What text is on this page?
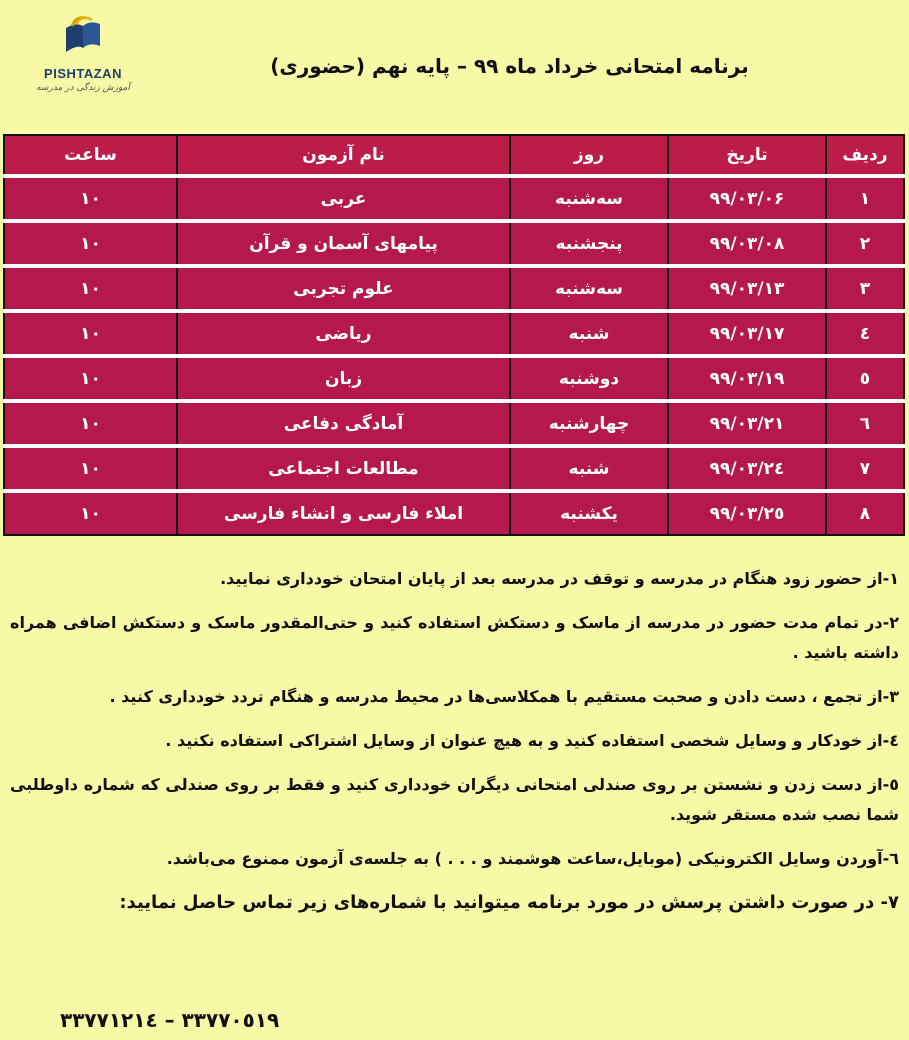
PISHTAZAN
آموزش زندگی در مدرسه
برنامه امتحانی خرداد ماه ۹۹ – پایه نهم (حضوری)
ردیف	تاریخ	روز	نام آزمون	ساعت
۱	۹۹/۰۳/۰۶	سه‌شنبه	عربی	۱۰
۲	۹۹/۰۳/۰۸	پنجشنبه	پیامهای آسمان و قرآن	۱۰
۳	۹۹/۰۳/۱۳	سه‌شنبه	علوم تجربی	۱۰
٤	۹۹/۰۳/۱۷	شنبه	ریاضی	۱۰
٥	۹۹/۰۳/۱۹	دوشنبه	زبان	۱۰
٦	۹۹/۰۳/۲۱	چهارشنبه	آمادگی دفاعی	۱۰
۷	۹۹/۰۳/۲٤	شنبه	مطالعات اجتماعی	۱۰
۸	۹۹/۰۳/۲٥	یکشنبه	املاء فارسی و انشاء فارسی	۱۰

۱-از حضور زود هنگام در مدرسه و توقف در مدرسه بعد از پایان امتحان خودداری نمایید.

۲-در تمام مدت حضور در مدرسه از ماسک و دستکش استفاده کنید و حتی‌المقدور ماسک و دستکش اضافی همراه داشته باشید .

۳-از تجمع ، دست دادن و صحبت مستقیم با همکلاسی‌ها در محیط مدرسه و هنگام تردد خودداری کنید .

٤-از خودکار و وسایل شخصی استفاده کنید و به هیچ عنوان از وسایل اشتراکی استفاده نکنید .

٥-از دست زدن و نشستن بر روی صندلی امتحانی دیگران خودداری کنید و فقط بر روی صندلی که شماره داوطلبی شما نصب شده مستقر شوید.

٦-آوردن وسایل الکترونیکی (موبایل،ساعت هوشمند و . . . ) به جلسه‌ی آزمون ممنوع می‌باشد.

۷- در صورت داشتن پرسش در مورد برنامه میتوانید با شماره‌های زیر تماس حاصل نمایید:

۳۳۷۷۰٥۱۹ – ۳۳۷۷۱۲۱٤
